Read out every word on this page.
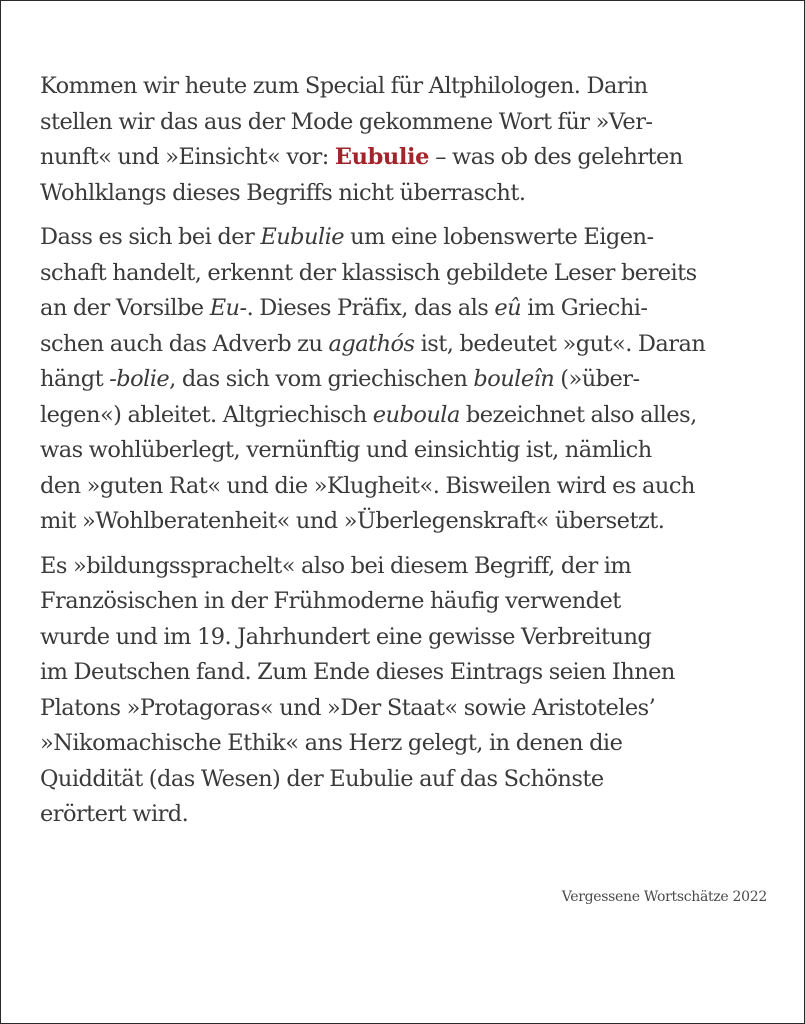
Kommen wir heute zum Special für Altphilologen. Darin
stellen wir das aus der Mode gekommene Wort für »Ver-
nunft« und »Einsicht« vor: Eubulie – was ob des gelehrten
Wohlklangs dieses Begriffs nicht überrascht.

Dass es sich bei der Eubulie um eine lobenswerte Eigen-
schaft handelt, erkennt der klassisch gebildete Leser bereits
an der Vorsilbe Eu-. Dieses Präfix, das als eû im Griechi-
schen auch das Adverb zu agathós ist, bedeutet »gut«. Daran
hängt -bolie, das sich vom griechischen bouleîn (»über-
legen«) ableitet. Altgriechisch euboula bezeichnet also alles,
was wohlüberlegt, vernünftig und einsichtig ist, nämlich
den »guten Rat« und die »Klugheit«. Bisweilen wird es auch
mit »Wohlberatenheit« und »Überlegenskraft« übersetzt.

Es »bildungssprachelt« also bei diesem Begriff, der im
Französischen in der Frühmoderne häufig verwendet
wurde und im 19. Jahrhundert eine gewisse Verbreitung
im Deutschen fand. Zum Ende dieses Eintrags seien Ihnen
Platons »Protagoras« und »Der Staat« sowie Aristoteles’
»Nikomachische Ethik« ans Herz gelegt, in denen die
Quiddität (das Wesen) der Eubulie auf das Schönste
erörtert wird.

Vergessene Wortschätze 2022
